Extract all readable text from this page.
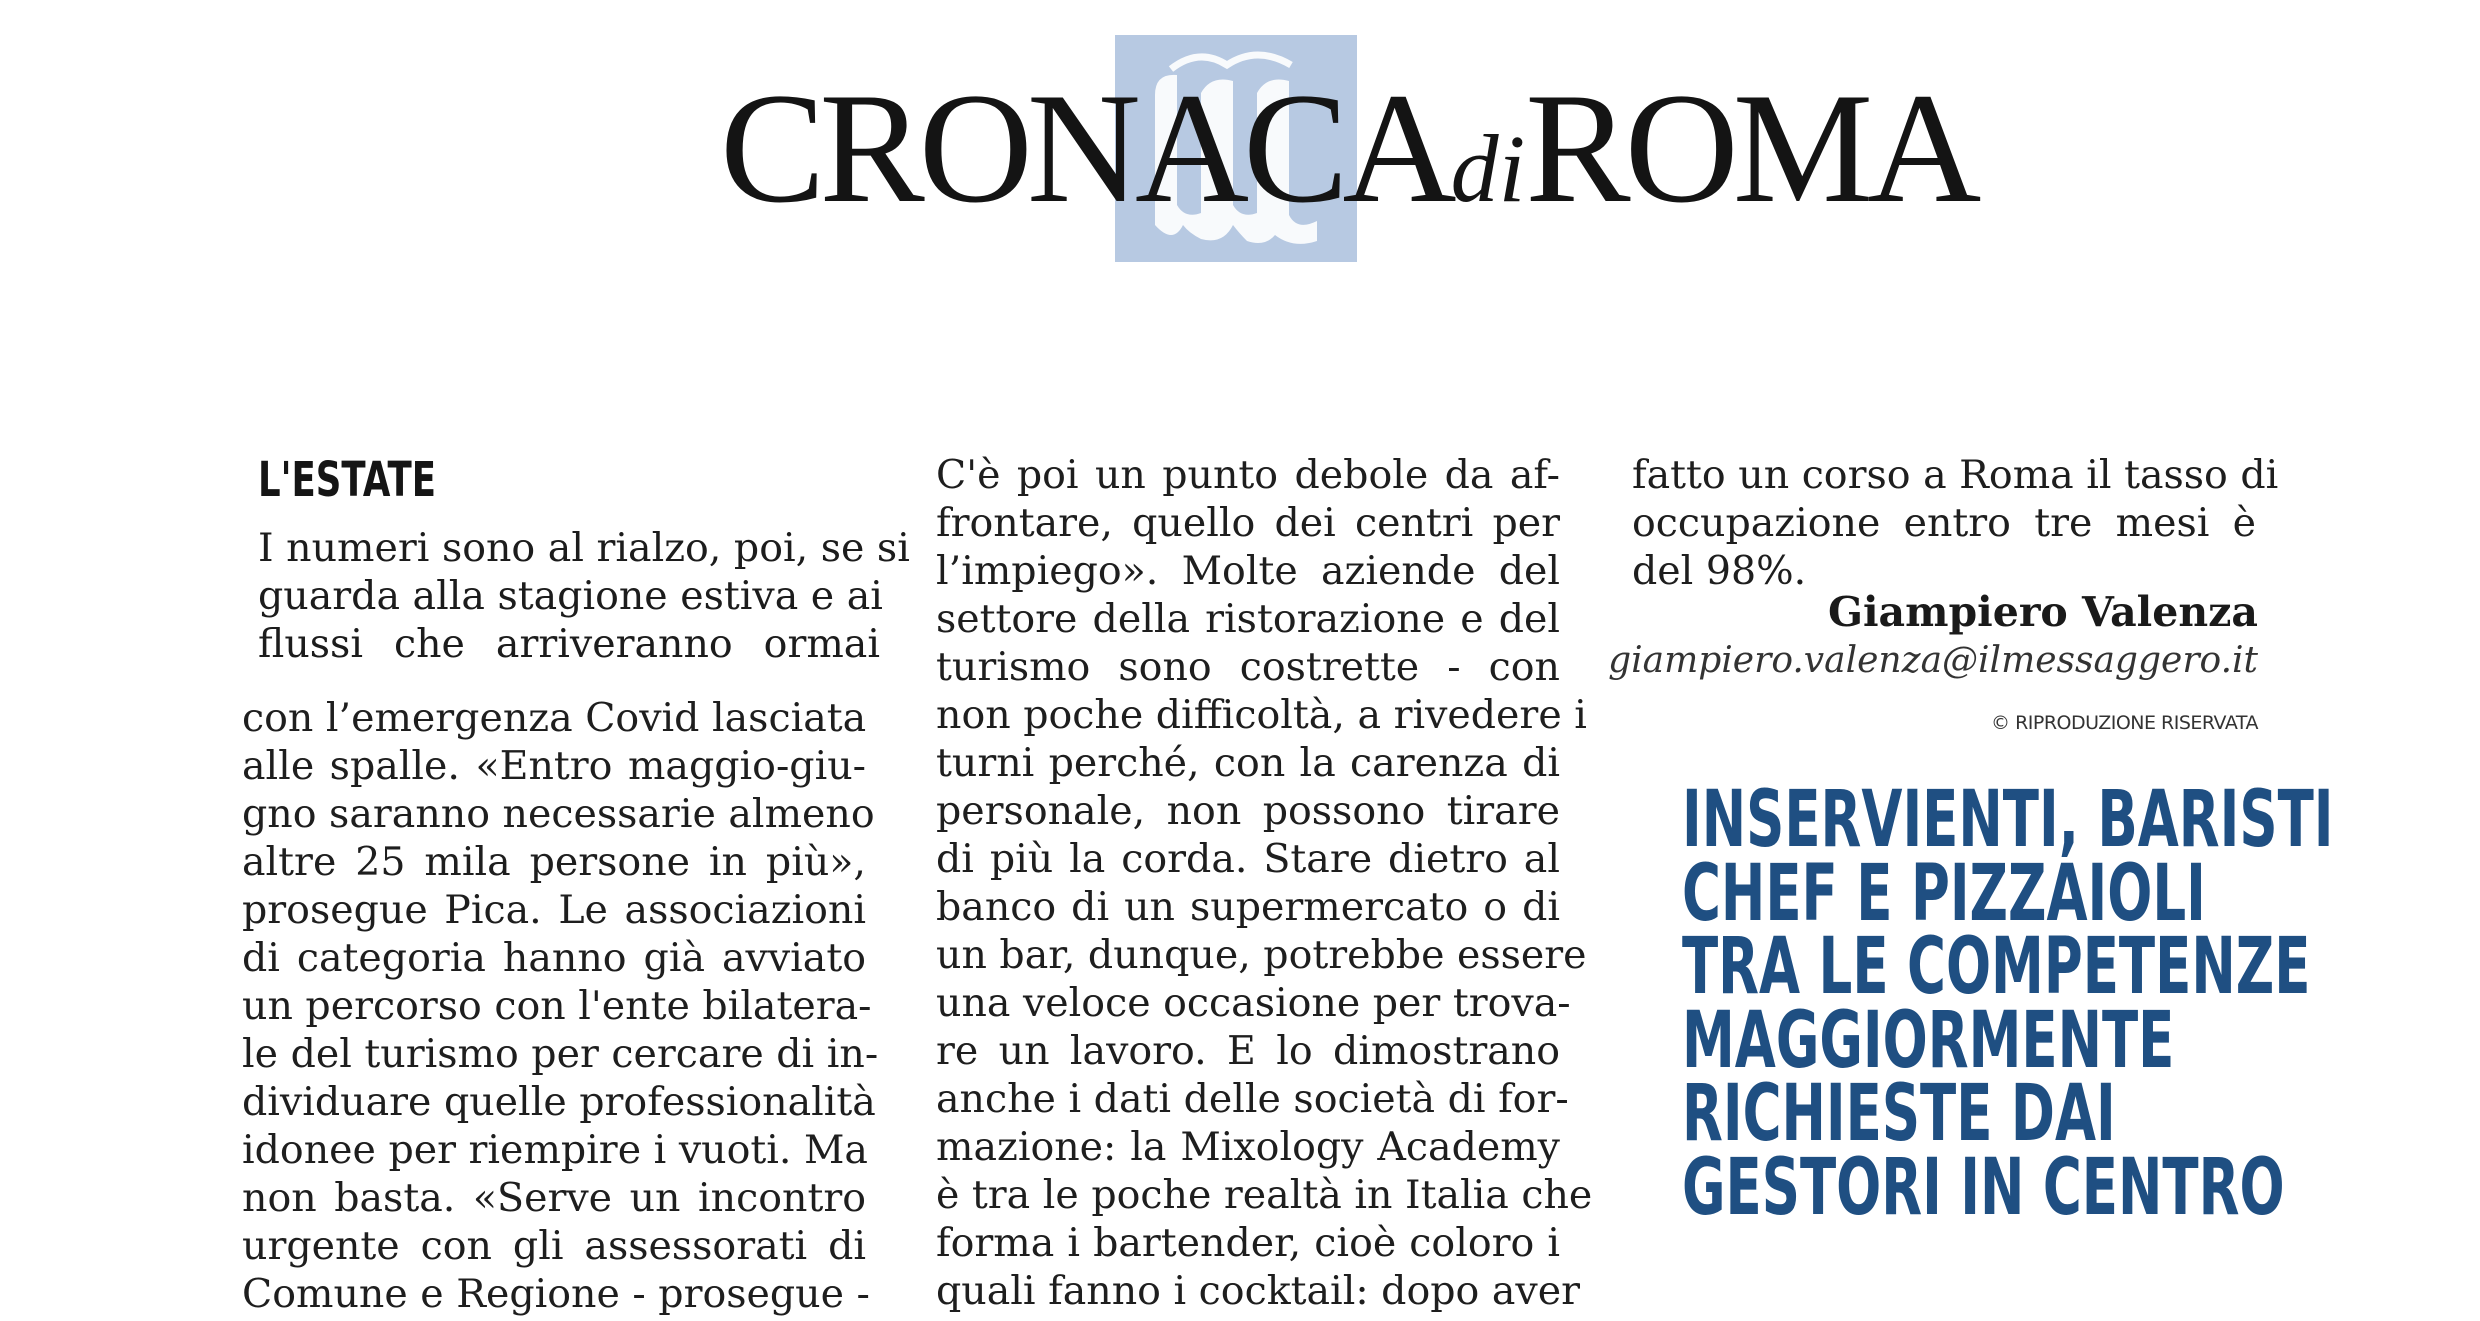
CRONACAdiROMA
L'ESTATE
I numeri sono al rialzo, poi, se si
guarda alla stagione estiva e ai
flussi che arriveranno ormai
con l’emergenza Covid lasciata
alle spalle. «Entro maggio-giu-
gno saranno necessarie almeno
altre 25 mila persone in più»,
prosegue Pica. Le associazioni
di categoria hanno già avviato
un percorso con l'ente bilatera-
le del turismo per cercare di in-
dividuare quelle professionalità
idonee per riempire i vuoti. Ma
non basta. «Serve un incontro
urgente con gli assessorati di
Comune e Regione - prosegue -
C'è poi un punto debole da af-
frontare, quello dei centri per
l’impiego». Molte aziende del
settore della ristorazione e del
turismo sono costrette - con
non poche difficoltà, a rivedere i
turni perché, con la carenza di
personale, non possono tirare
di più la corda. Stare dietro al
banco di un supermercato o di
un bar, dunque, potrebbe essere
una veloce occasione per trova-
re un lavoro. E lo dimostrano
anche i dati delle società di for-
mazione: la Mixology Academy
è tra le poche realtà in Italia che
forma i bartender, cioè coloro i
quali fanno i cocktail: dopo aver
fatto un corso a Roma il tasso di
occupazione entro tre mesi è
del 98%.
Giampiero Valenza
giampiero.valenza@ilmessaggero.it
© RIPRODUZIONE RISERVATA
INSERVIENTI, BARISTI
CHEF E PIZZAIOLI
TRA LE COMPETENZE
MAGGIORMENTE
RICHIESTE DAI
GESTORI IN CENTRO
